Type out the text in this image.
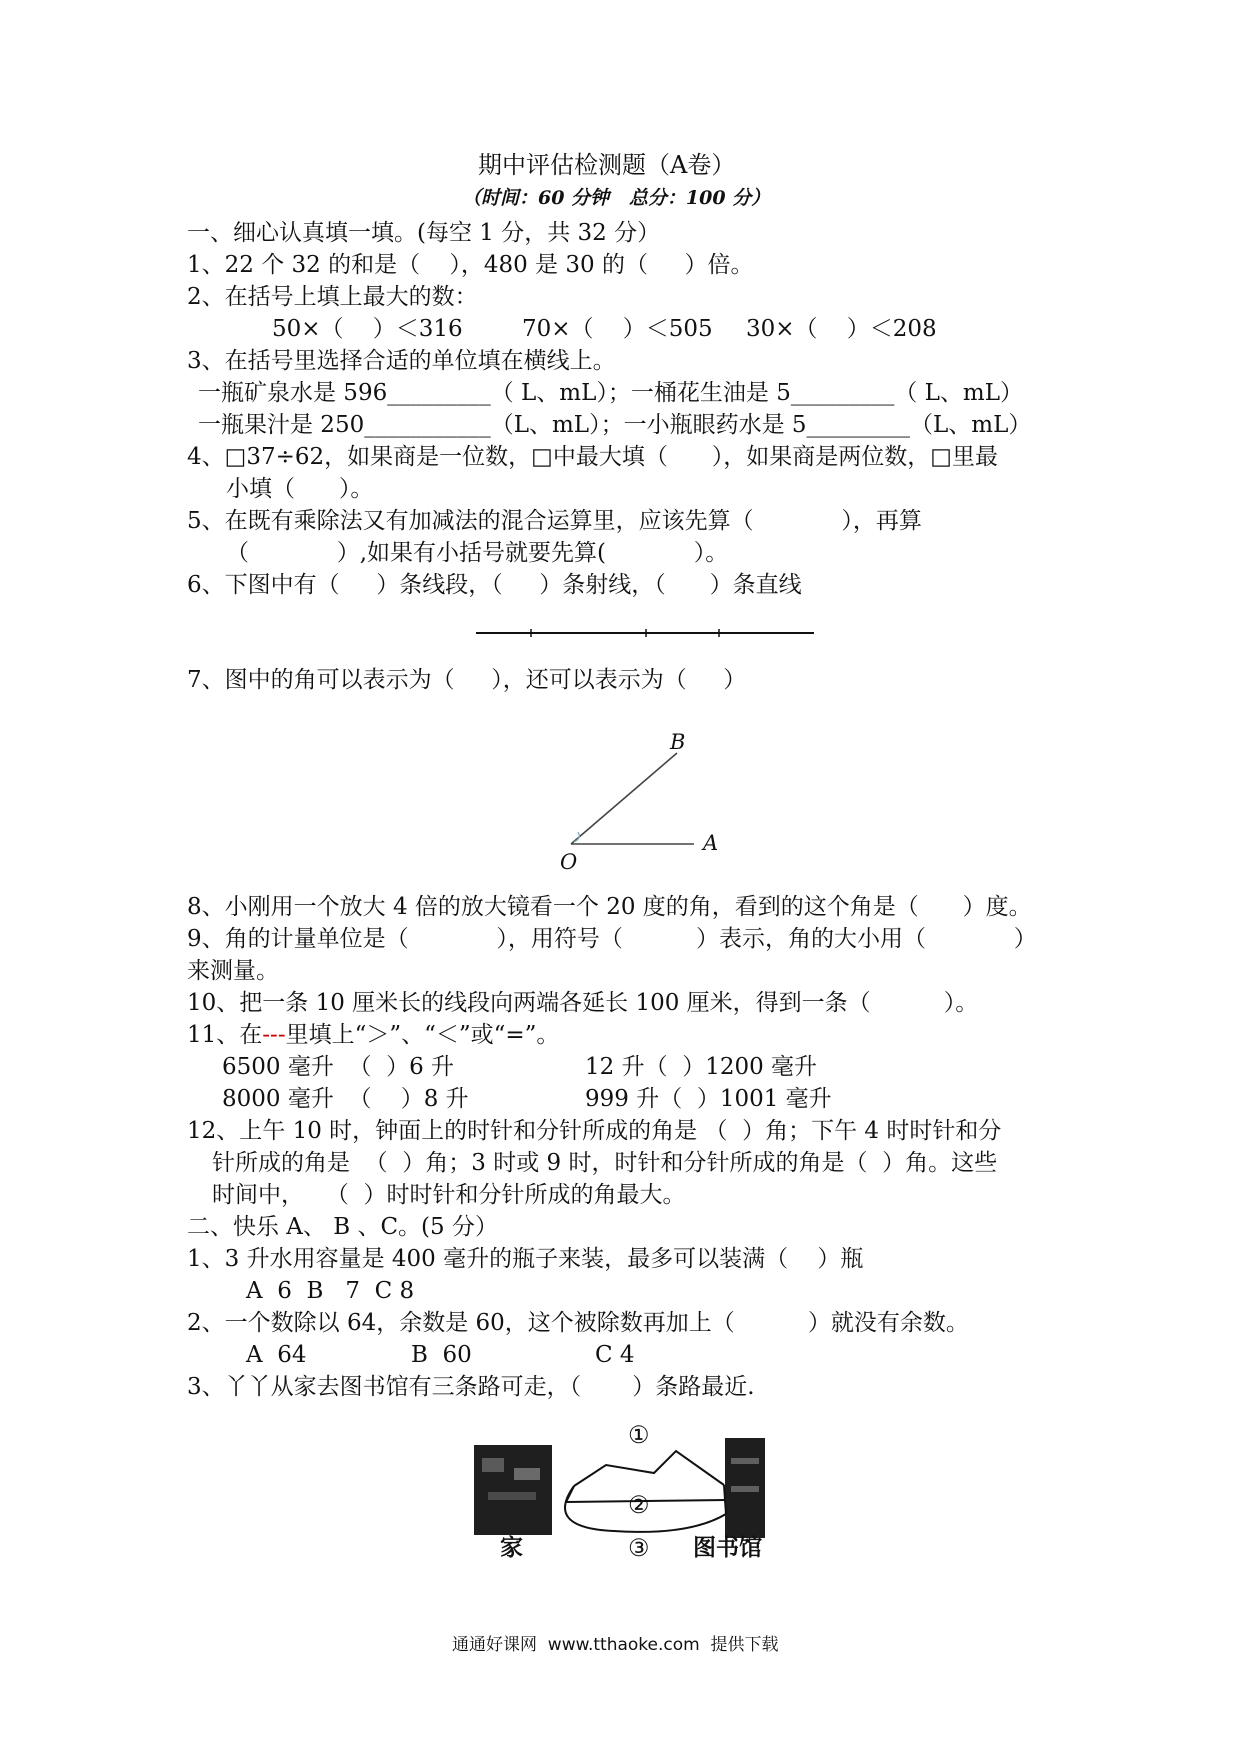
期中评估检测题（A卷）
（时间：60 分钟   总分：100 分）
一、细心认真填一填。(每空 1 分，共 32 分）
1、22 个 32 的和是（    ），480 是 30 的（     ）倍。
2、在括号上填上最大的数：
50×（    ）＜316	70×（    ）＜505 30×（    ）＜208
3、在括号里选择合适的单位填在横线上。
一瓶矿泉水是 596_________（ L、mL）；一桶花生油是 5_________（ L、mL）
一瓶果汁是 250___________（L、mL）；一小瓶眼药水是 5_________（L、mL）
4、□37÷62，如果商是一位数，□中最大填（      ），如果商是两位数，□里最
小填（      ）。
5、在既有乘除法又有加减法的混合运算里，应该先算（            ），再算
（            ）,如果有小括号就要先算(            ）。
6、下图中有（     ）条线段，（     ）条射线，（      ）条直线
7、图中的角可以表示为（     ），还可以表示为（     ）
B
O
A
8、小刚用一个放大 4 倍的放大镜看一个 20 度的角，看到的这个角是（      ）度。
9、角的计量单位是（            ），用符号（          ）表示，角的大小用（            ）
来测量。
10、把一条 10 厘米长的线段向两端各延长 100 厘米，得到一条（          ）。
11、在---里填上“＞”、“＜”或“=”。
6500 毫升  （  ）6 升	12 升（  ）1200 毫升
8000 毫升  （    ）8 升	999 升（  ）1001 毫升
12、上午 10 时，钟面上的时针和分针所成的角是 （  ）角；下午 4 时时针和分
针所成的角是  （  ）角；3 时或 9 时，时针和分针所成的角是（  ）角。这些
时间中，   （  ）时时针和分针所成的角最大。
二、快乐 A、 B 、C。(5 分）
1、3 升水用容量是 400 毫升的瓶子来装，最多可以装满（    ）瓶
A  6  B   7  C 8
2、一个数除以 64，余数是 60，这个被除数再加上（          ）就没有余数。
A  64	B  60	C 4
3、丫丫从家去图书馆有三条路可走，（       ）条路最近.
①
②
③
家	图书馆
通通好课网  www.tthaoke.com  提供下载
